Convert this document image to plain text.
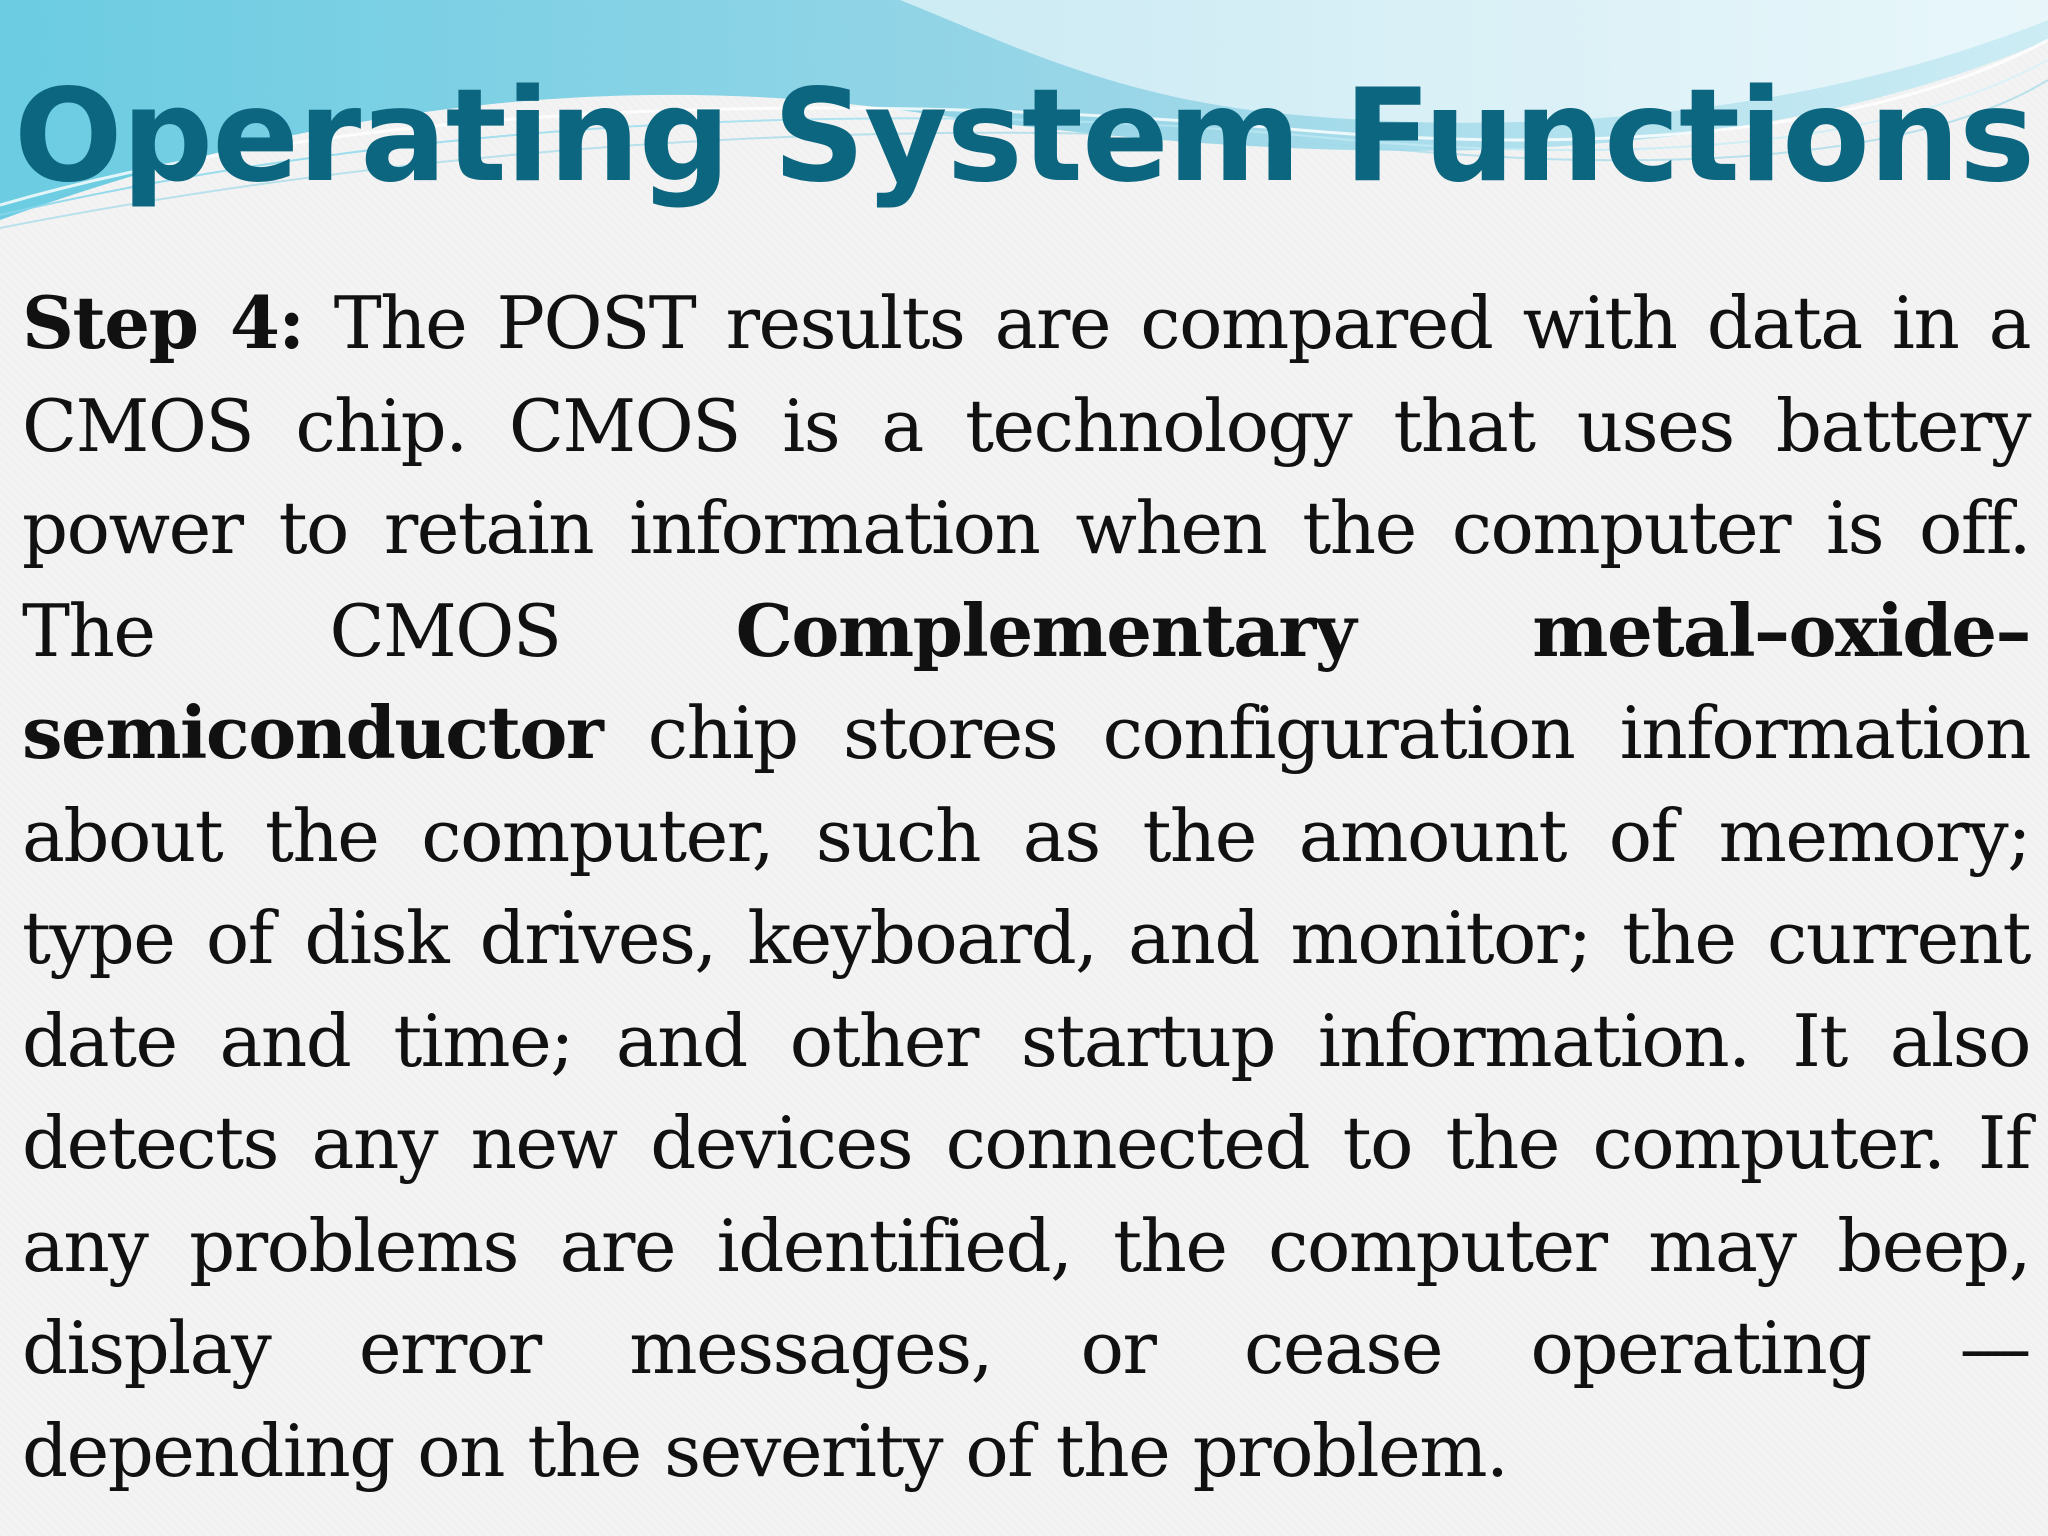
Operating System Functions

Step 4: The POST results are compared with data in a CMOS chip. CMOS is a technology that uses battery power to retain information when the computer is off. The CMOS Complementary metal–oxide–semiconductor chip stores configuration information about the computer, such as the amount of memory; type of disk drives, keyboard, and monitor; the current date and time; and other startup information. It also detects any new devices connected to the computer. If any problems are identified, the computer may beep, display error messages, or cease operating — depending on the severity of the problem.
